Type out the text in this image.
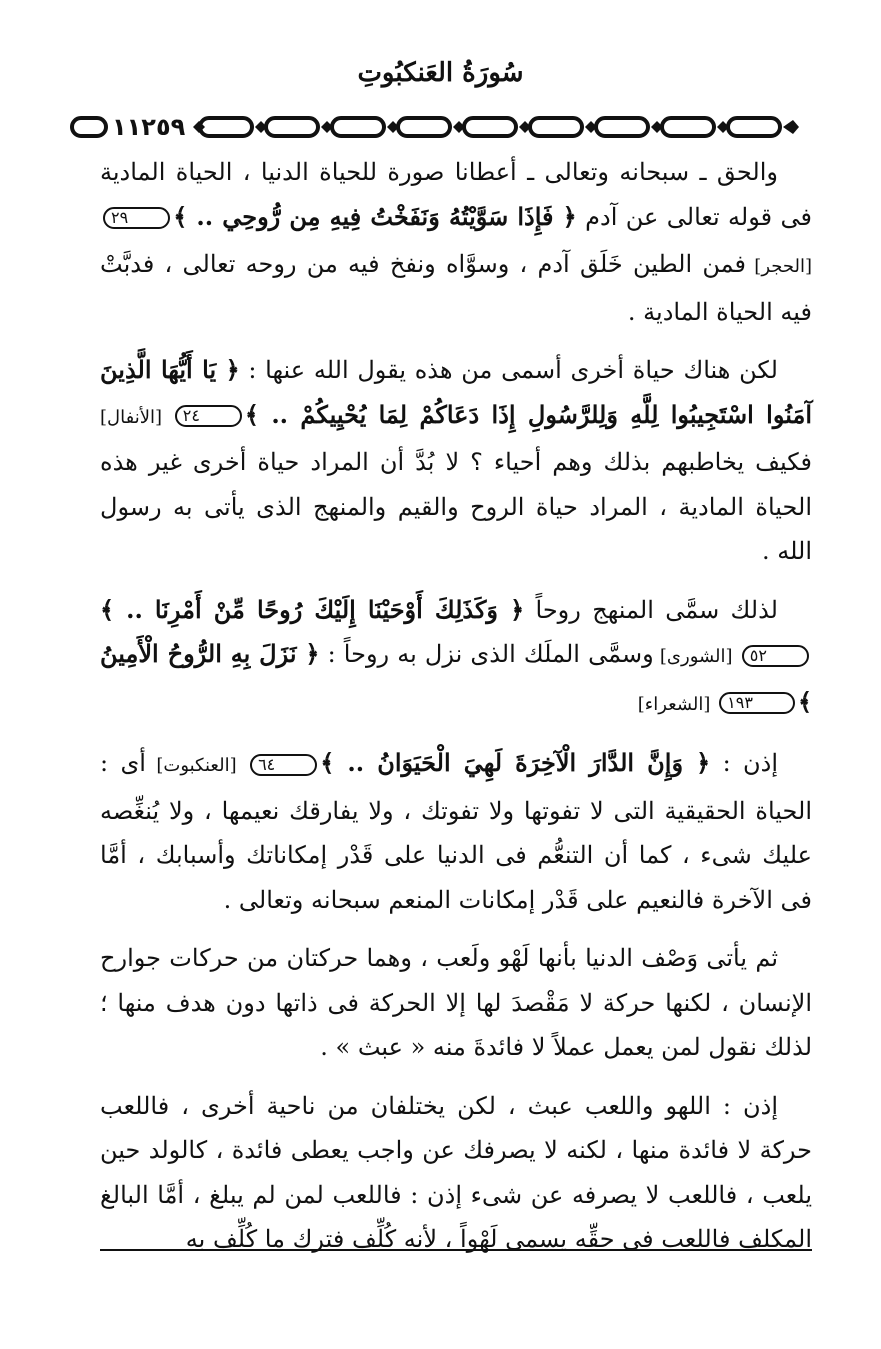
سُورَةُ العَنكبُوتِ
١١٢٥٩

والحق ـ سبحانه وتعالى ـ أعطانا صورة للحياة الدنيا ، الحياة المادية فى قوله تعالى عن آدم ﴿ فَإِذَا سَوَّيْتُهُ وَنَفَخْتُ فِيهِ مِن رُّوحِي .. ﴾٢٩ [الحجر] فمن الطين خَلَق آدم ، وسوَّاه ونفخ فيه من روحه تعالى ، فدبَّتْ فيه الحياة المادية .

لكن هناك حياة أخرى أسمى من هذه يقول الله عنها : ﴿ يَا أَيُّهَا الَّذِينَ آمَنُوا اسْتَجِيبُوا لِلَّهِ وَلِلرَّسُولِ إِذَا دَعَاكُمْ لِمَا يُحْيِيكُمْ .. ﴾٢٤ [الأنفال] فكيف يخاطبهم بذلك وهم أحياء ؟ لا بُدَّ أن المراد حياة أخرى غير هذه الحياة المادية ، المراد حياة الروح والقيم والمنهج الذى يأتى به رسول الله .

لذلك سمَّى المنهج روحاً ﴿ وَكَذَلِكَ أَوْحَيْنَا إِلَيْكَ رُوحًا مِّنْ أَمْرِنَا .. ﴾٥٢ [الشورى] وسمَّى الملَك الذى نزل به روحاً : ﴿ نَزَلَ بِهِ الرُّوحُ الْأَمِينُ ﴾١٩٣ [الشعراء]

إذن : ﴿ وَإِنَّ الدَّارَ الْآخِرَةَ لَهِيَ الْحَيَوَانُ .. ﴾٦٤ [العنكبوت] أى : الحياة الحقيقية التى لا تفوتها ولا تفوتك ، ولا يفارقك نعيمها ، ولا يُنغِّصه عليك شىء ، كما أن التنعُّم فى الدنيا على قَدْر إمكاناتك وأسبابك ، أمَّا فى الآخرة فالنعيم على قَدْر إمكانات المنعم سبحانه وتعالى .

ثم يأتى وَصْف الدنيا بأنها لَهْو ولَعب ، وهما حركتان من حركات جوارح الإنسان ، لكنها حركة لا مَقْصدَ لها إلا الحركة فى ذاتها دون هدف منها ؛ لذلك نقول لمن يعمل عملاً لا فائدةَ منه « عبث » .

إذن : اللهو واللعب عبث ، لكن يختلفان من ناحية أخرى ، فاللعب حركة لا فائدة منها ، لكنه لا يصرفك عن واجب يعطى فائدة ، كالولد حين يلعب ، فاللعب لا يصرفه عن شىء إذن : فاللعب لمن لم يبلغ ، أمَّا البالغ المكلف فاللعب فى حقِّه يسمى لَهْواً ، لأنه كُلِّف فترك ما كُلِّف به
